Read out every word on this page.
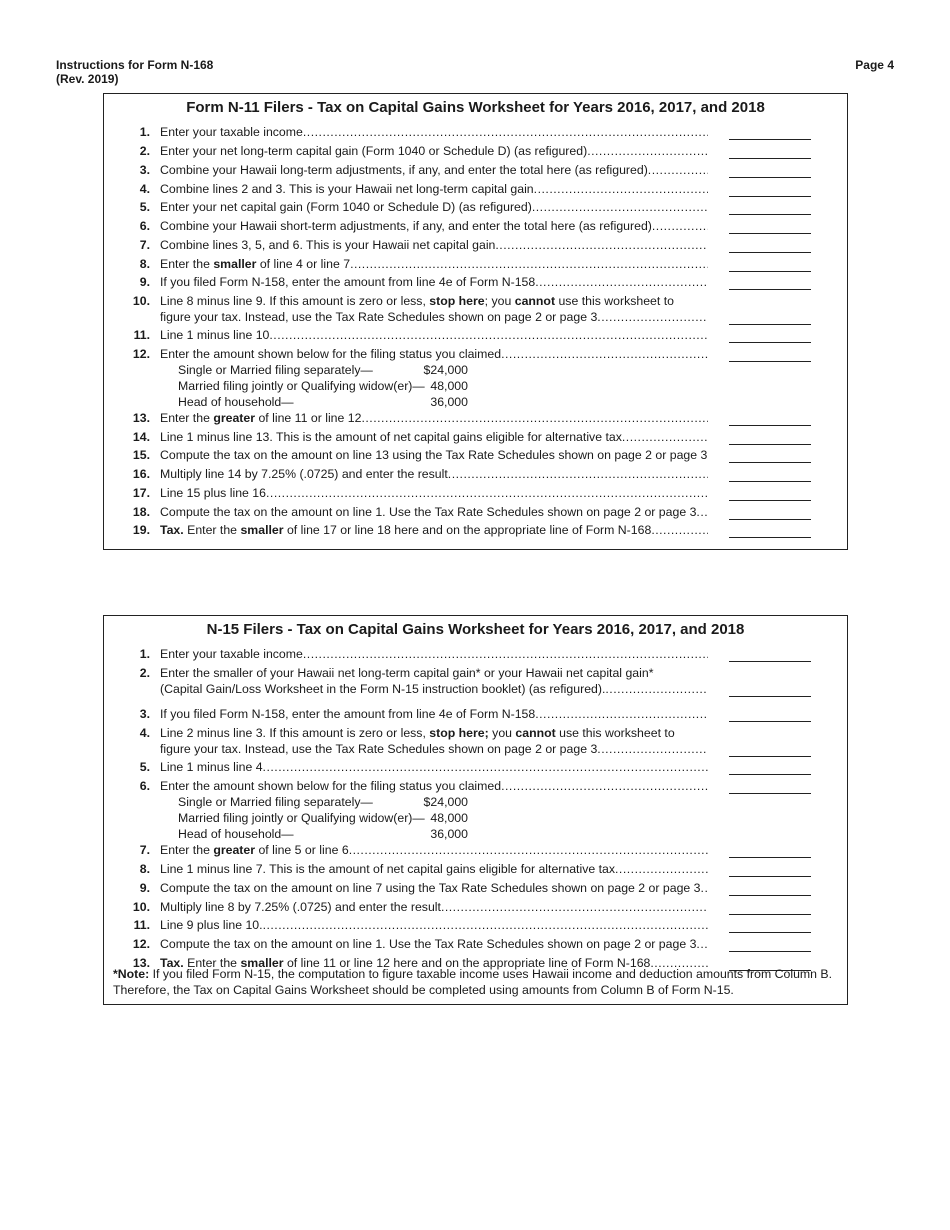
Instructions for Form N-168
(Rev. 2019)
Page 4
Form N-11 Filers - Tax on Capital Gains Worksheet for Years 2016, 2017, and 2018
1. Enter your taxable income
.....
2. Enter your net long-term capital gain (Form 1040 or Schedule D) (as refigured)
.....
3. Combine your Hawaii long-term adjustments, if any, and enter the total here (as refigured)
.....
4. Combine lines 2 and 3. This is your Hawaii net long-term capital gain
.....
5. Enter your net capital gain (Form 1040 or Schedule D) (as refigured)
.....
6. Combine your Hawaii short-term adjustments, if any, and enter the total here (as refigured)
.....
7. Combine lines 3, 5, and 6. This is your Hawaii net capital gain
.....
8. Enter the smaller of line 4 or line 7
.....
9. If you filed Form N-158, enter the amount from line 4e of Form N-158
.....
10. Line 8 minus line 9. If this amount is zero or less, stop here; you cannot use this worksheet to
figure your tax. Instead, use the Tax Rate Schedules shown on page 2 or page 3
.....
11. Line 1 minus line 10
.....
12. Enter the amount shown below for the filing status you claimed
.....
Single or Married filing separately—	$24,000
Married filing jointly or Qualifying widow(er)— 48,000
Head of household—	36,000
13. Enter the greater of line 11 or line 12
.....
14. Line 1 minus line 13. This is the amount of net capital gains eligible for alternative tax
.....
15. Compute the tax on the amount on line 13 using the Tax Rate Schedules shown on page 2 or page 3
.....
16. Multiply line 14 by 7.25% (.0725) and enter the result
.....
17. Line 15 plus line 16
.....
18. Compute the tax on the amount on line 1. Use the Tax Rate Schedules shown on page 2 or page 3
.....
19. Tax. Enter the smaller of line 17 or line 18 here and on the appropriate line of Form N-168
.....
N-15 Filers - Tax on Capital Gains Worksheet for Years 2016, 2017, and 2018
1. Enter your taxable income
.....
2. Enter the smaller of your Hawaii net long-term capital gain* or your Hawaii net capital gain*
(Capital Gain/Loss Worksheet in the Form N-15 instruction booklet) (as refigured).
.....
3. If you filed Form N-158, enter the amount from line 4e of Form N-158
.....
4. Line 2 minus line 3. If this amount is zero or less, stop here; you cannot use this worksheet to
figure your tax. Instead, use the Tax Rate Schedules shown on page 2 or page 3
.....
5. Line 1 minus line 4
.....
6. Enter the amount shown below for the filing status you claimed
.....
Single or Married filing separately—	$24,000
Married filing jointly or Qualifying widow(er)— 48,000
Head of household—	36,000
7. Enter the greater of line 5 or line 6
.....
8. Line 1 minus line 7. This is the amount of net capital gains eligible for alternative tax
.....
9. Compute the tax on the amount on line 7 using the Tax Rate Schedules shown on page 2 or page 3
.....
10. Multiply line 8 by 7.25% (.0725) and enter the result
.....
11. Line 9 plus line 10.
.....
12. Compute the tax on the amount on line 1. Use the Tax Rate Schedules shown on page 2 or page 3
.....
13. Tax. Enter the smaller of line 11 or line 12 here and on the appropriate line of Form N-168
.....
*Note: If you filed Form N-15, the computation to figure taxable income uses Hawaii income and deduction amounts from Column B. Therefore, the Tax on Capital Gains Worksheet should be completed using amounts from Column B of Form N-15.
